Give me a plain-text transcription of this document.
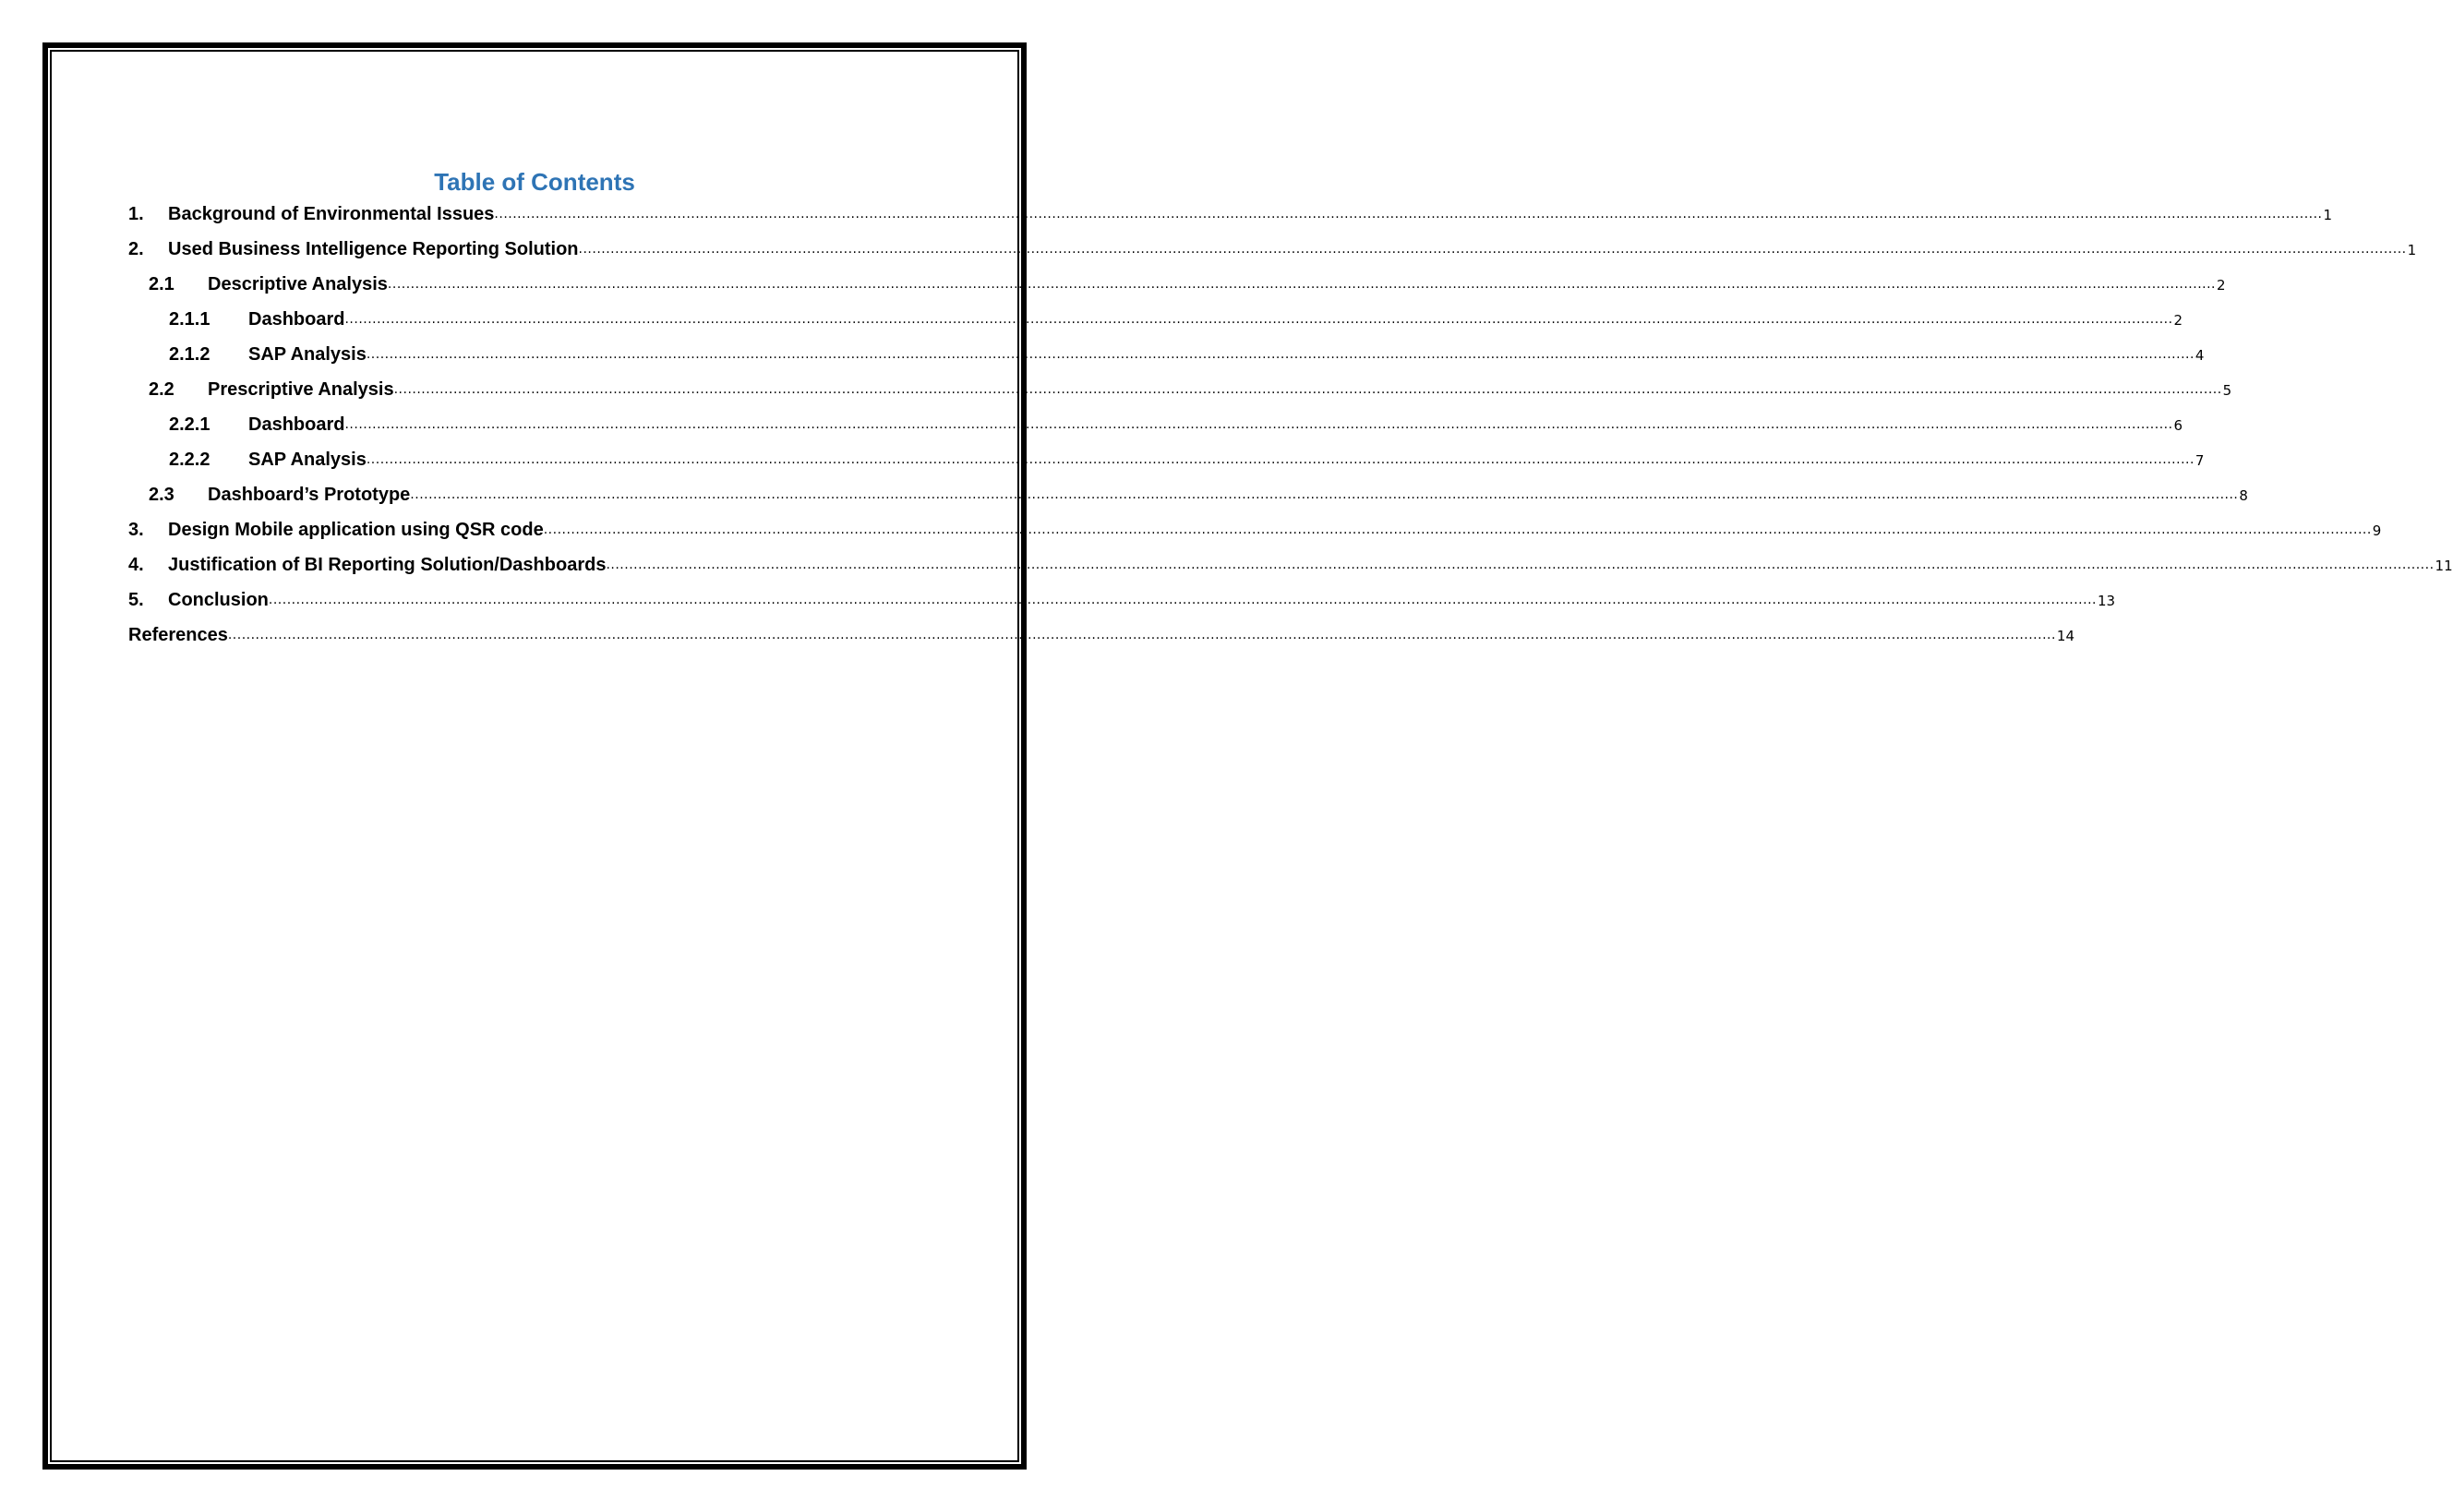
Table of Contents
1.	Background of Environmental Issues ................................................................................................................................................................................................................................................................................................................................................................................................................ 1
2.	Used Business Intelligence Reporting Solution ................................................................................................................................................................................................................................................................................................................................................................................................................ 1
2.1	Descriptive Analysis ................................................................................................................................................................................................................................................................................................................................................................................................................ 2
2.1.1	Dashboard ................................................................................................................................................................................................................................................................................................................................................................................................................ 2
2.1.2	SAP Analysis ................................................................................................................................................................................................................................................................................................................................................................................................................ 4
2.2	Prescriptive Analysis ................................................................................................................................................................................................................................................................................................................................................................................................................ 5
2.2.1	Dashboard ................................................................................................................................................................................................................................................................................................................................................................................................................ 6
2.2.2	SAP Analysis ................................................................................................................................................................................................................................................................................................................................................................................................................ 7
2.3	Dashboard’s Prototype ................................................................................................................................................................................................................................................................................................................................................................................................................ 8
3.	Design Mobile application using QSR code ................................................................................................................................................................................................................................................................................................................................................................................................................ 9
4.	Justification of BI Reporting Solution/Dashboards ................................................................................................................................................................................................................................................................................................................................................................................................................ 11
5.	Conclusion ................................................................................................................................................................................................................................................................................................................................................................................................................ 13
References ................................................................................................................................................................................................................................................................................................................................................................................................................ 14
